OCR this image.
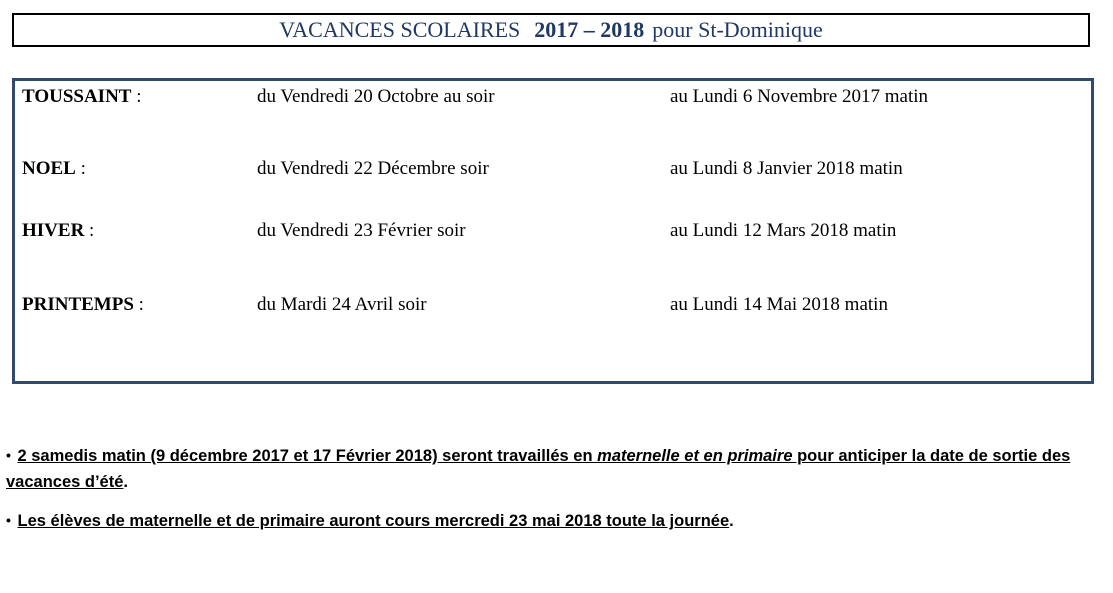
VACANCES SCOLAIRES 2017 – 2018 pour St-Dominique
TOUSSAINT :	du Vendredi 20 Octobre au soir	au Lundi 6 Novembre 2017 matin
NOEL :	du Vendredi 22 Décembre soir	au Lundi 8 Janvier 2018 matin
HIVER :	du Vendredi 23 Février soir	au Lundi 12 Mars 2018 matin
PRINTEMPS :	du Mardi 24 Avril soir	au Lundi 14 Mai 2018 matin

• 2 samedis matin (9 décembre 2017 et 17 Février 2018) seront travaillés en maternelle et en primaire pour anticiper la date de sortie des vacances d’été.

• Les élèves de maternelle et de primaire auront cours mercredi 23 mai 2018 toute la journée.
